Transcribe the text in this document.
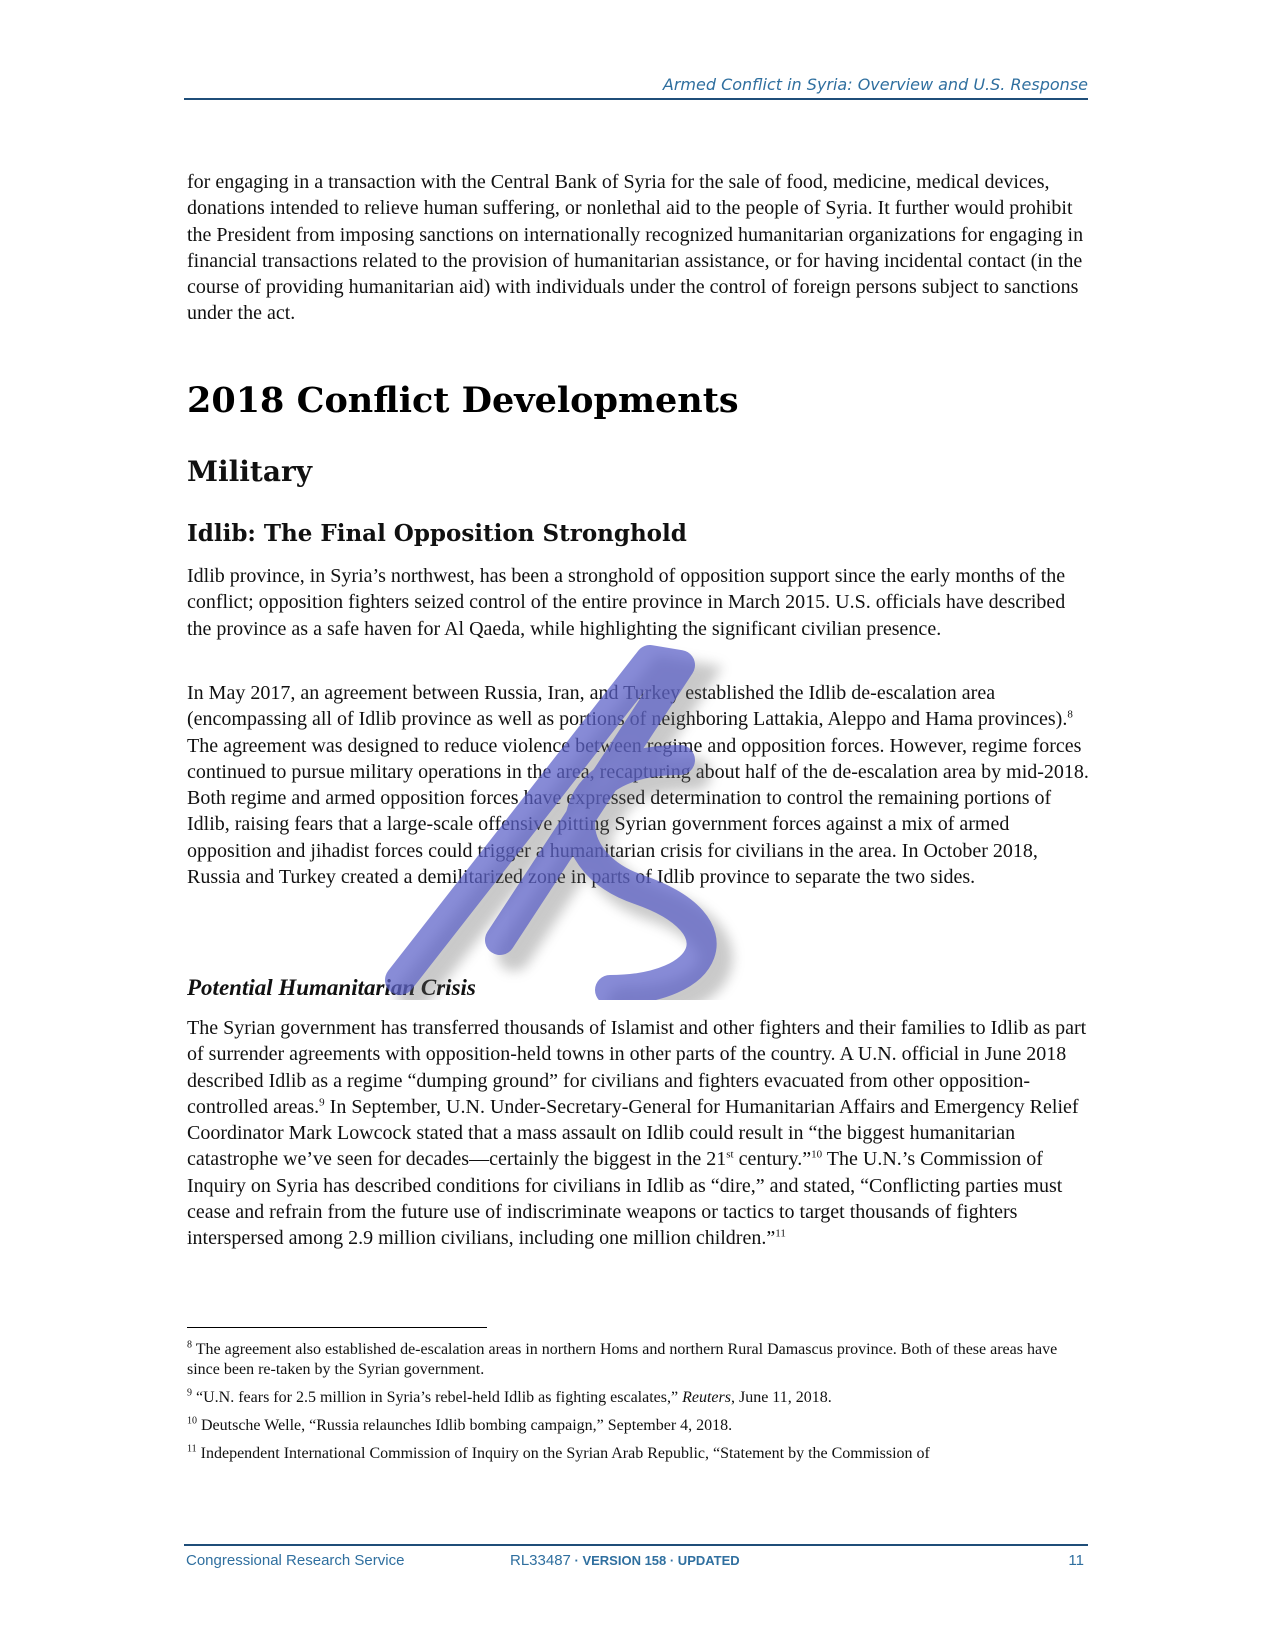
Armed Conflict in Syria: Overview and U.S. Response

for engaging in a transaction with the Central Bank of Syria for the sale of food, medicine, medical devices, donations intended to relieve human suffering, or nonlethal aid to the people of Syria. It further would prohibit the President from imposing sanctions on internationally recognized humanitarian organizations for engaging in financial transactions related to the provision of humanitarian assistance, or for having incidental contact (in the course of providing humanitarian aid) with individuals under the control of foreign persons subject to sanctions under the act.

2018 Conflict Developments
Military
Idlib: The Final Opposition Stronghold

Idlib province, in Syria’s northwest, has been a stronghold of opposition support since the early months of the conflict; opposition fighters seized control of the entire province in March 2015. U.S. officials have described the province as a safe haven for Al Qaeda, while highlighting the significant civilian presence.

In May 2017, an agreement between Russia, Iran, and Turkey established the Idlib de-escalation area (encompassing all of Idlib province as well as portions of neighboring Lattakia, Aleppo and Hama provinces).$^8$ The agreement was designed to reduce violence between regime and opposition forces. However, regime forces continued to pursue military operations in the area, recapturing about half of the de-escalation area by mid-2018. Both regime and armed opposition forces have expressed determination to control the remaining portions of Idlib, raising fears that a large-scale offensive pitting Syrian government forces against a mix of armed opposition and jihadist forces could trigger a humanitarian crisis for civilians in the area. In October 2018, Russia and Turkey created a demilitarized zone in parts of Idlib province to separate the two sides.

Potential Humanitarian Crisis

The Syrian government has transferred thousands of Islamist and other fighters and their families to Idlib as part of surrender agreements with opposition-held towns in other parts of the country. A U.N. official in June 2018 described Idlib as a regime “dumping ground” for civilians and fighters evacuated from other opposition-controlled areas.$^9$ In September, U.N. Under-Secretary-General for Humanitarian Affairs and Emergency Relief Coordinator Mark Lowcock stated that a mass assault on Idlib could result in “the biggest humanitarian catastrophe we’ve seen for decades—certainly the biggest in the 21st century.”$^{10}$ The U.N.’s Commission of Inquiry on Syria has described conditions for civilians in Idlib as “dire,” and stated, “Conflicting parties must cease and refrain from the future use of indiscriminate weapons or tactics to target thousands of fighters interspersed among 2.9 million civilians, including one million children.”$^{11}$

$^8$ The agreement also established de-escalation areas in northern Homs and northern Rural Damascus province. Both of these areas have since been re-taken by the Syrian government.

$^9$ “U.N. fears for 2.5 million in Syria’s rebel-held Idlib as fighting escalates,” Reuters, June 11, 2018.

$^{10}$ Deutsche Welle, “Russia relaunches Idlib bombing campaign,” September 4, 2018.

$^{11}$ Independent International Commission of Inquiry on the Syrian Arab Republic, “Statement by the Commission of

Congressional Research Service	RL33487 · VERSION 158 · UPDATED	11
